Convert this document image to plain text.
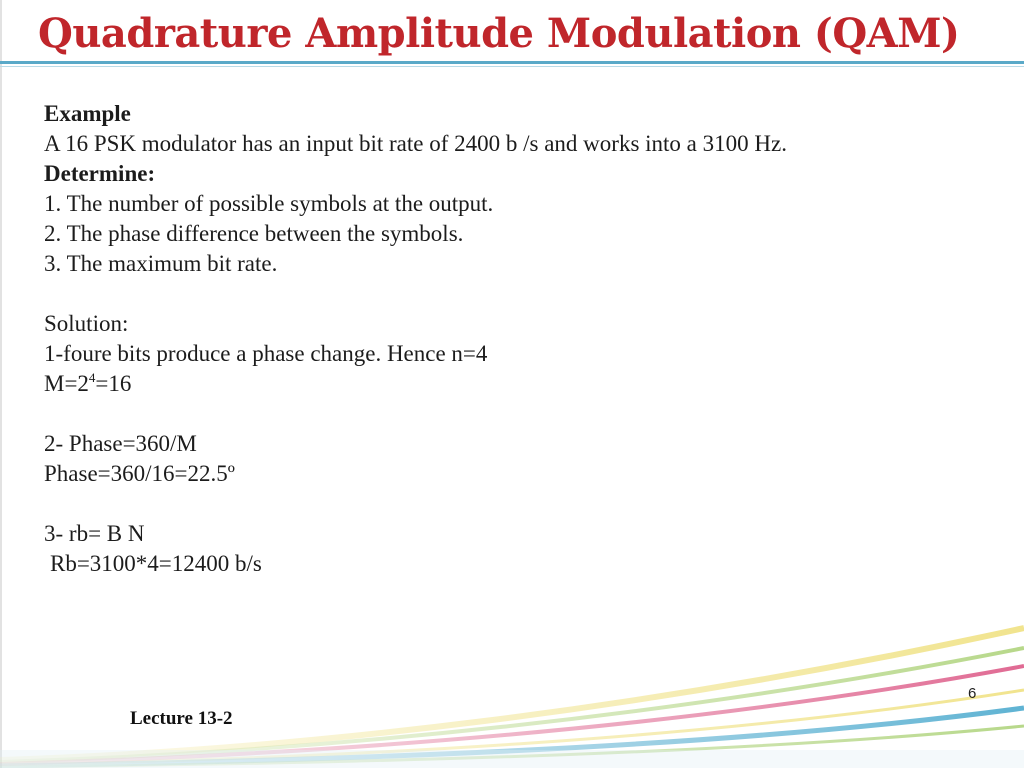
Quadrature Amplitude Modulation (QAM)
Example
A 16 PSK modulator has an input bit rate of 2400 b /s and works into a 3100 Hz.
Determine:
1. The number of possible symbols at the output.
2. The phase difference between the symbols.
3. The maximum bit rate.
Solution:
1-foure bits produce a phase change. Hence n=4
$M=2^4=16$
2- Phase=360/M
Phase=360/16=22.5º
3- rb= B N
Rb=3100*4=12400 b/s
6
Lecture 13-2
